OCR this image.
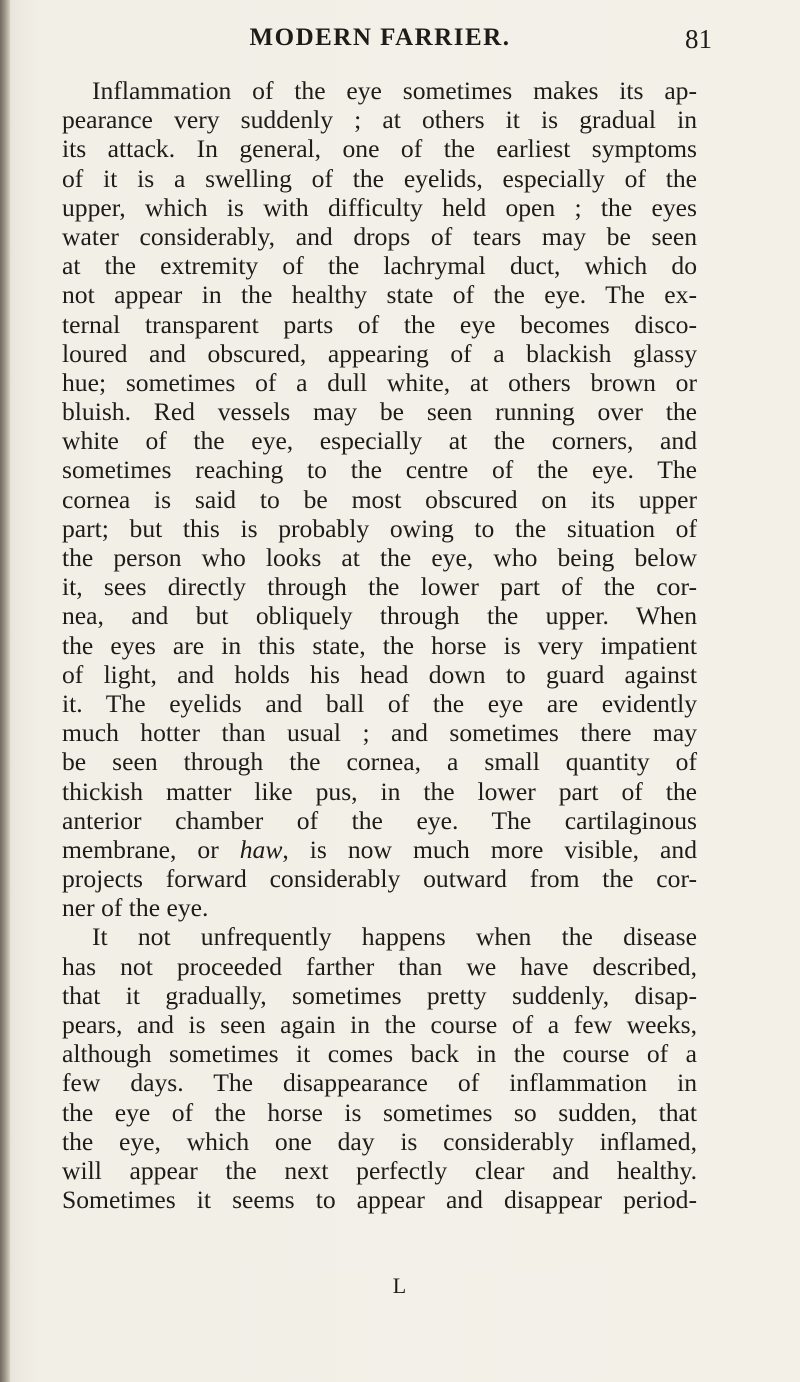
MODERN FARRIER.	81
Inflammation of the eye sometimes makes its ap-
pearance very suddenly ; at others it is gradual in
its attack. In general, one of the earliest symptoms
of it is a swelling of the eyelids, especially of the
upper, which is with difficulty held open ; the eyes
water considerably, and drops of tears may be seen
at the extremity of the lachrymal duct, which do
not appear in the healthy state of the eye. The ex-
ternal transparent parts of the eye becomes disco-
loured and obscured, appearing of a blackish glassy
hue; sometimes of a dull white, at others brown or
bluish. Red vessels may be seen running over the
white of the eye, especially at the corners, and
sometimes reaching to the centre of the eye. The
cornea is said to be most obscured on its upper
part; but this is probably owing to the situation of
the person who looks at the eye, who being below
it, sees directly through the lower part of the cor-
nea, and but obliquely through the upper. When
the eyes are in this state, the horse is very impatient
of light, and holds his head down to guard against
it. The eyelids and ball of the eye are evidently
much hotter than usual ; and sometimes there may
be seen through the cornea, a small quantity of
thickish matter like pus, in the lower part of the
anterior chamber of the eye. The cartilaginous
membrane, or haw, is now much more visible, and
projects forward considerably outward from the cor-
ner of the eye.
It not unfrequently happens when the disease
has not proceeded farther than we have described,
that it gradually, sometimes pretty suddenly, disap-
pears, and is seen again in the course of a few weeks,
although sometimes it comes back in the course of a
few days. The disappearance of inflammation in
the eye of the horse is sometimes so sudden, that
the eye, which one day is considerably inflamed,
will appear the next perfectly clear and healthy.
Sometimes it seems to appear and disappear period-
L
